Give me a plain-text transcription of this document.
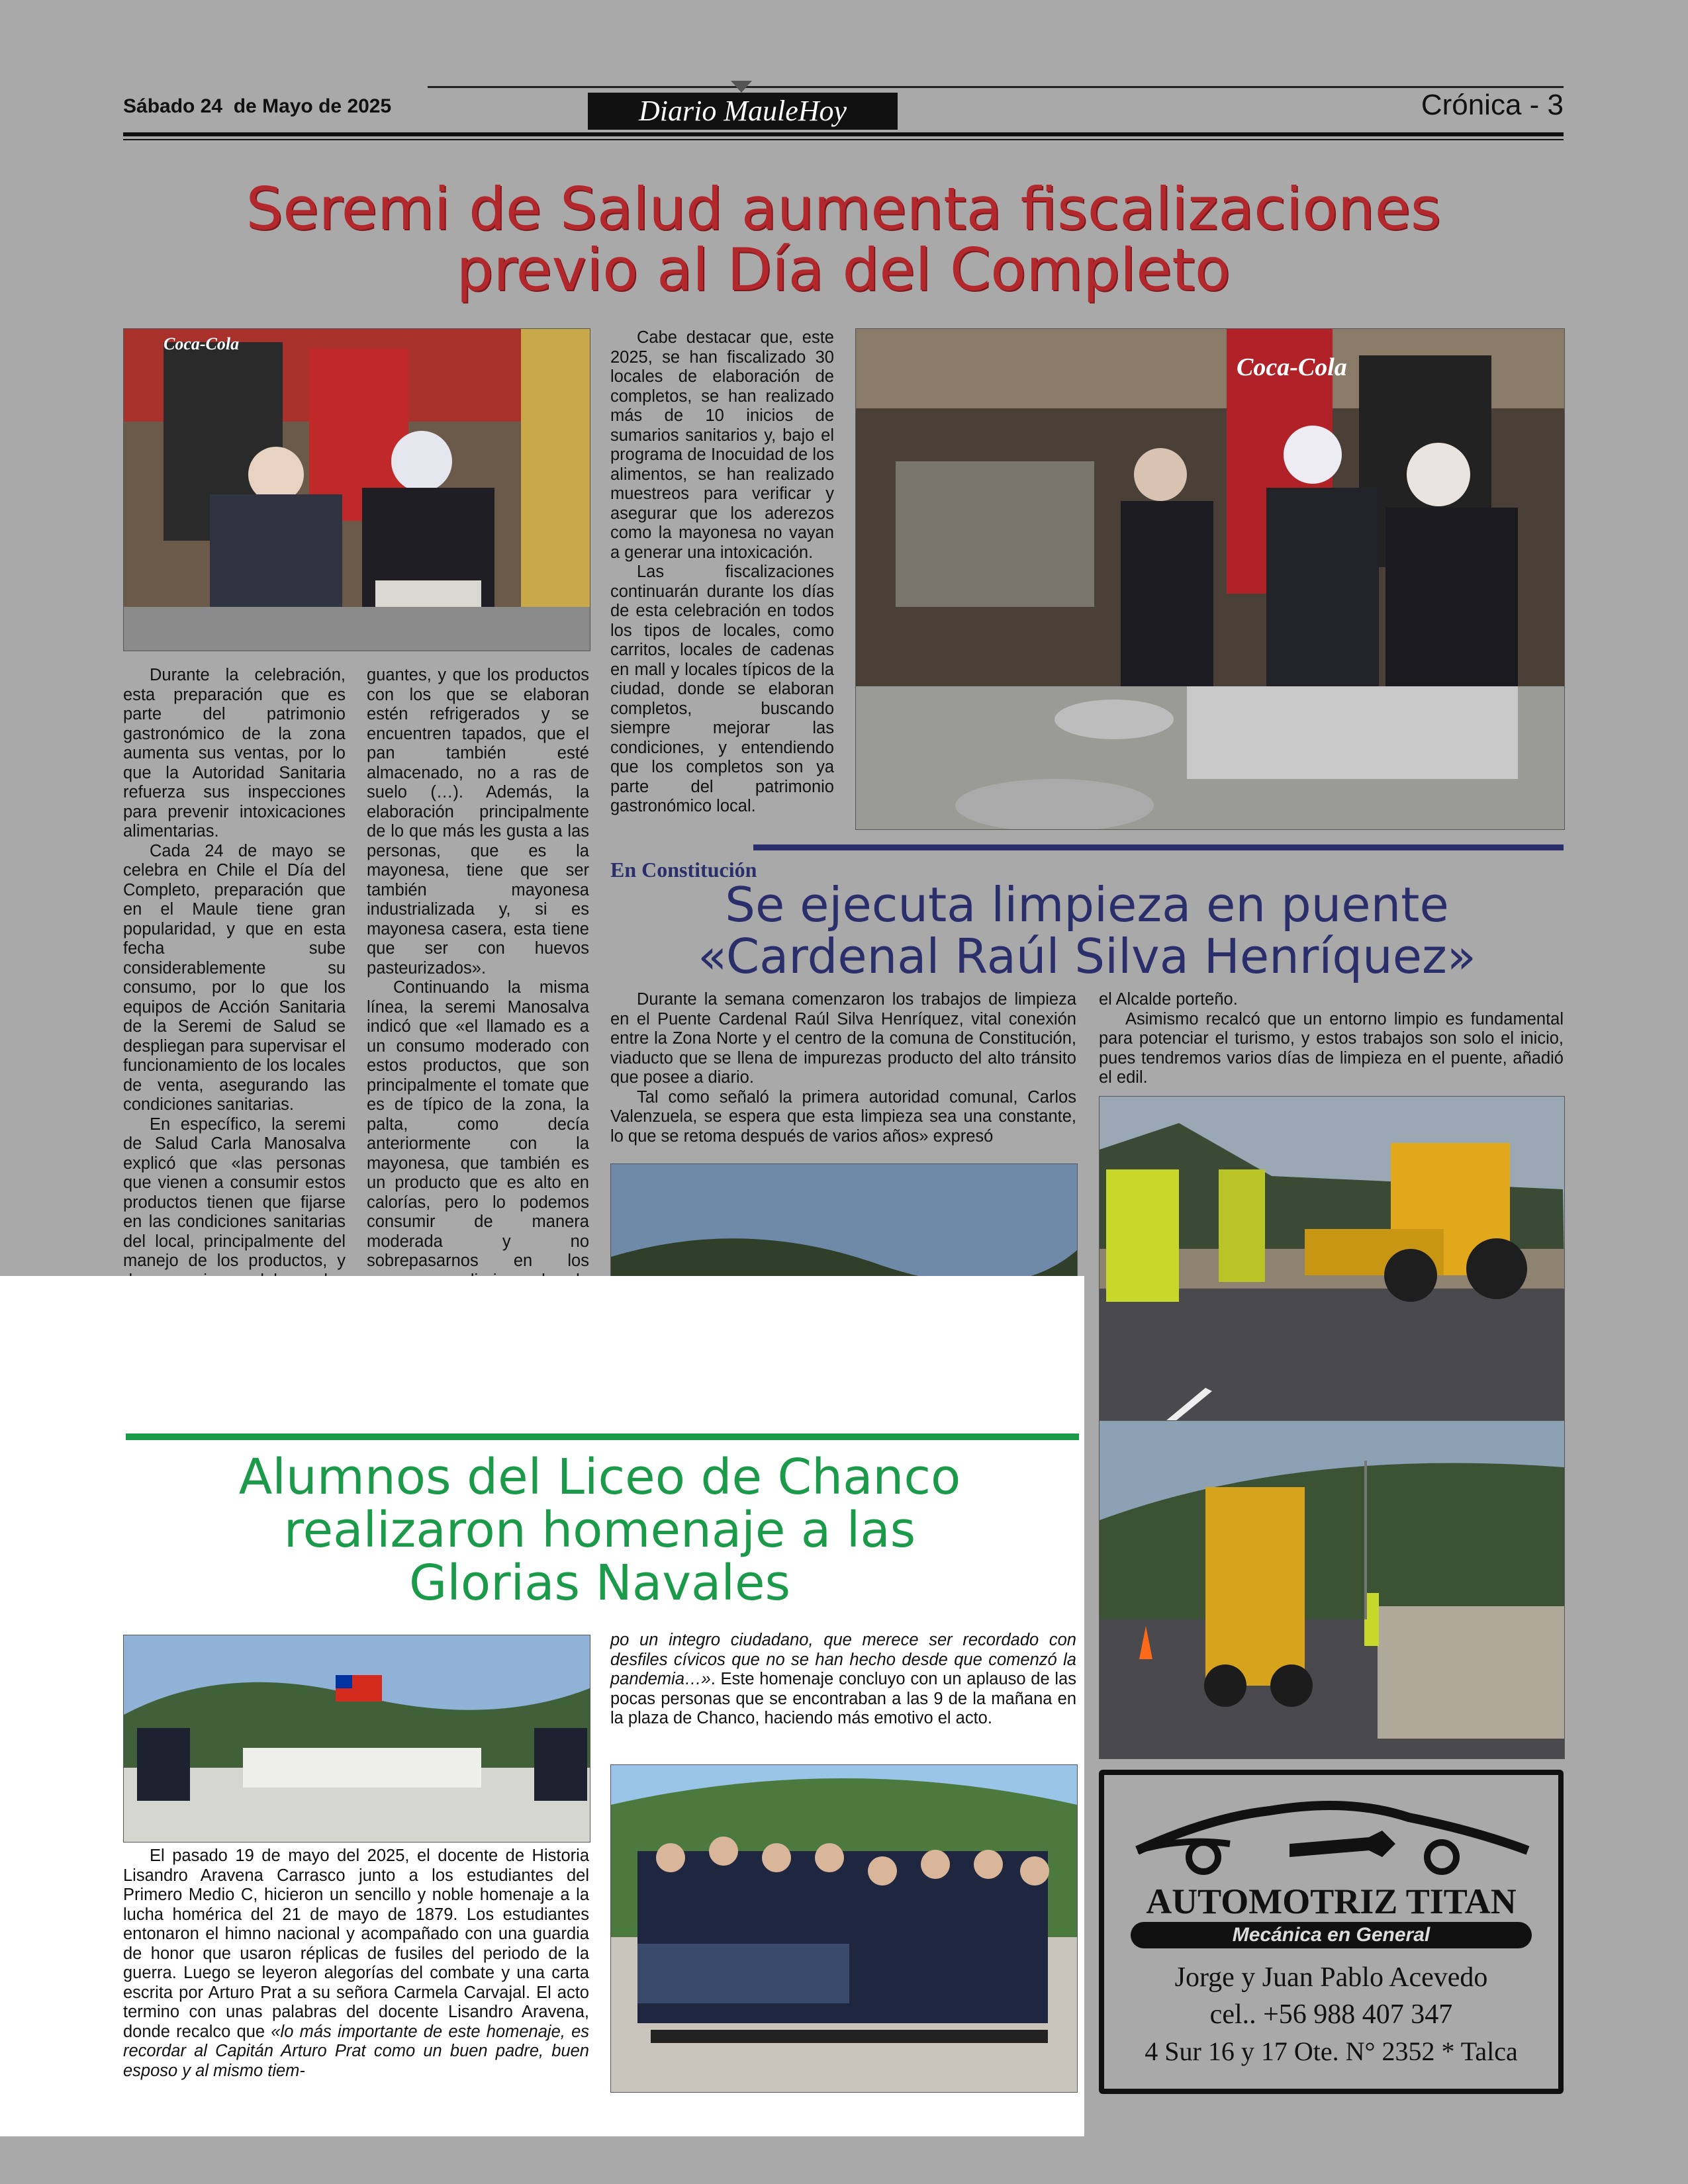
Sábado 24  de Mayo de 2025	Diario MauleHoy	Crónica - 3
Seremi de Salud aumenta fiscalizaciones
previo al Día del Completo
Coca-Cola
Coca-Cola

Durante la celebración, esta preparación que es parte del patrimonio gastronómico de la zona aumenta sus ventas, por lo que la Autoridad Sanitaria refuerza sus inspecciones para prevenir intoxicaciones alimentarias.

Cada 24 de mayo se celebra en Chile el Día del Completo, preparación que en el Maule tiene gran popularidad, y que en esta fecha sube considerablemente su consumo, por lo que los equipos de Acción Sanitaria de la Seremi de Salud se despliegan para supervisar el funcionamiento de los locales de venta, asegurando las condiciones sanitarias.

En específico, la seremi de Salud Carla Manosalva explicó que «las personas que vienen a consumir estos productos tienen que fijarse en las condiciones sanitarias del local, principalmente del manejo de los productos, y

guantes, y que los productos con los que se elaboran estén refrigerados y se encuentren tapados, que el pan también esté almacenado, no a ras de suelo (…). Además, la elaboración principalmente de lo que más les gusta a las personas, que es la mayonesa, tiene que ser también mayonesa industrializada y, si es mayonesa casera, esta tiene que ser con huevos pasteurizados».

Continuando la misma línea, la seremi Manosalva indicó que «el llamado es a un consumo moderado con estos productos, que son principalmente el tomate que es de típico de la zona, la palta, como decía anteriormente con la mayonesa, que también es un producto que es alto en calorías, pero lo podemos consumir de manera moderada y no sobrepasarnos en los

Cabe destacar que, este 2025, se han fiscalizado 30 locales de elaboración de completos, se han realizado más de 10 inicios de sumarios sanitarios y, bajo el programa de Inocuidad de los alimentos, se han realizado muestreos para verificar y asegurar que los aderezos como la mayonesa no vayan a generar una intoxicación.

Las fiscalizaciones continuarán durante los días de esta celebración en todos los tipos de locales, como carritos, locales de cadenas en mall y locales típicos de la ciudad, donde se elaboran completos, buscando siempre mejorar las condiciones, y entendiendo que los completos son ya parte del patrimonio gastronómico local.

En Constitución
Se ejecuta limpieza en puente
«Cardenal Raúl Silva Henríquez»

Durante la semana comenzaron los trabajos de limpieza en el Puente Cardenal Raúl Silva Henríquez, vital conexión entre la Zona Norte y el centro de la comuna de Constitución, viaducto que se llena de impurezas producto del alto tránsito que posee a diario.

Tal como señaló la primera autoridad comunal, Carlos Valenzuela, se espera que esta limpieza sea una constante, lo que se retoma después de varios años» expresó

el Alcalde porteño.

Asimismo recalcó que un entorno limpio es fundamental para potenciar el turismo, y estos trabajos son solo el inicio, pues tendremos varios días de limpieza en el puente, añadió el edil.

Alumnos del Liceo de Chanco
realizaron homenaje a las
Glorias Navales

El pasado 19 de mayo del 2025, el docente de Historia Lisandro Aravena Carrasco junto a los estudiantes del Primero Medio C, hicieron un sencillo y noble homenaje a la lucha homérica del 21 de mayo de 1879. Los estudiantes entonaron el himno nacional y acompañado con una guardia de honor que usaron réplicas de fusiles del periodo de la guerra. Luego se leyeron alegorías del combate y una carta escrita por Arturo Prat a su señora Carmela Carvajal. El acto termino con unas palabras del docente Lisandro Aravena, donde recalco que «lo más importante de este homenaje, es recordar al Capitán Arturo Prat como un buen padre, buen esposo y al mismo tiem-

po un integro ciudadano, que merece ser recordado con desfiles cívicos que no se han hecho desde que comenzó la pandemia…». Este homenaje concluyo con un aplauso de las pocas personas que se encontraban a las 9 de la mañana en la plaza de Chanco, haciendo más emotivo el acto.

AUTOMOTRIZ TITAN
Mecánica en General
Jorge y Juan Pablo Acevedo
cel.. +56 988 407 347
4 Sur 16 y 17 Ote. N° 2352 * Talca
